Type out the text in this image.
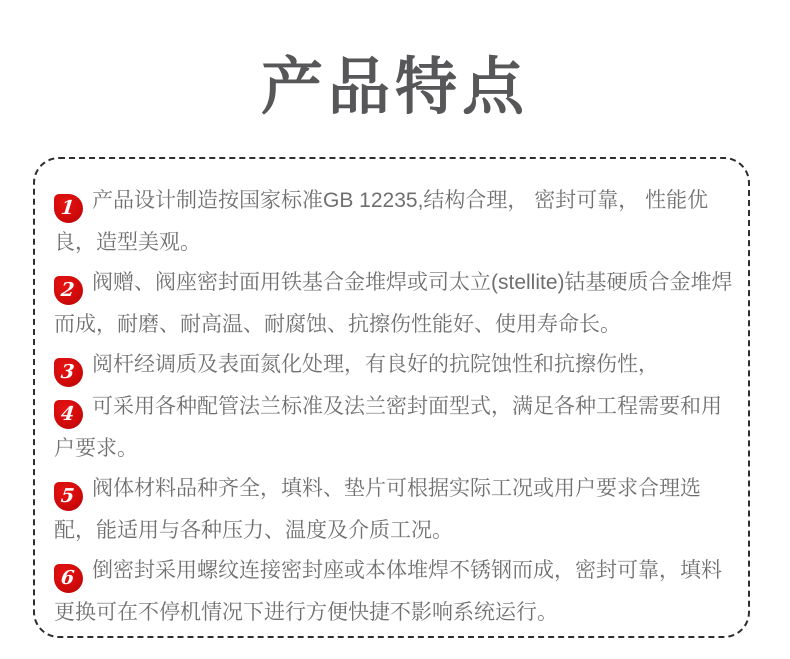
产品特点

1 产品设计制造按国家标准GB 12235,结构合理， 密封可靠， 性能优良，造型美观。

2 阀赠、阀座密封面用铁基合金堆焊或司太立(stellite)钴基硬质合金堆焊而成，耐磨、耐高温、耐腐蚀、抗擦伤性能好、使用寿命长。

3 阅杆经调质及表面氮化处理，有良好的抗院蚀性和抗擦伤性，

4 可采用各种配管法兰标准及法兰密封面型式，满足各种工程需要和用户要求。

5 阀体材料品种齐全，填料、垫片可根据实际工况或用户要求合理选配，能适用与各种压力、温度及介质工况。

6 倒密封采用螺纹连接密封座或本体堆焊不锈钢而成，密封可靠，填料更换可在不停机情况下进行方便快捷不影响系统运行。
